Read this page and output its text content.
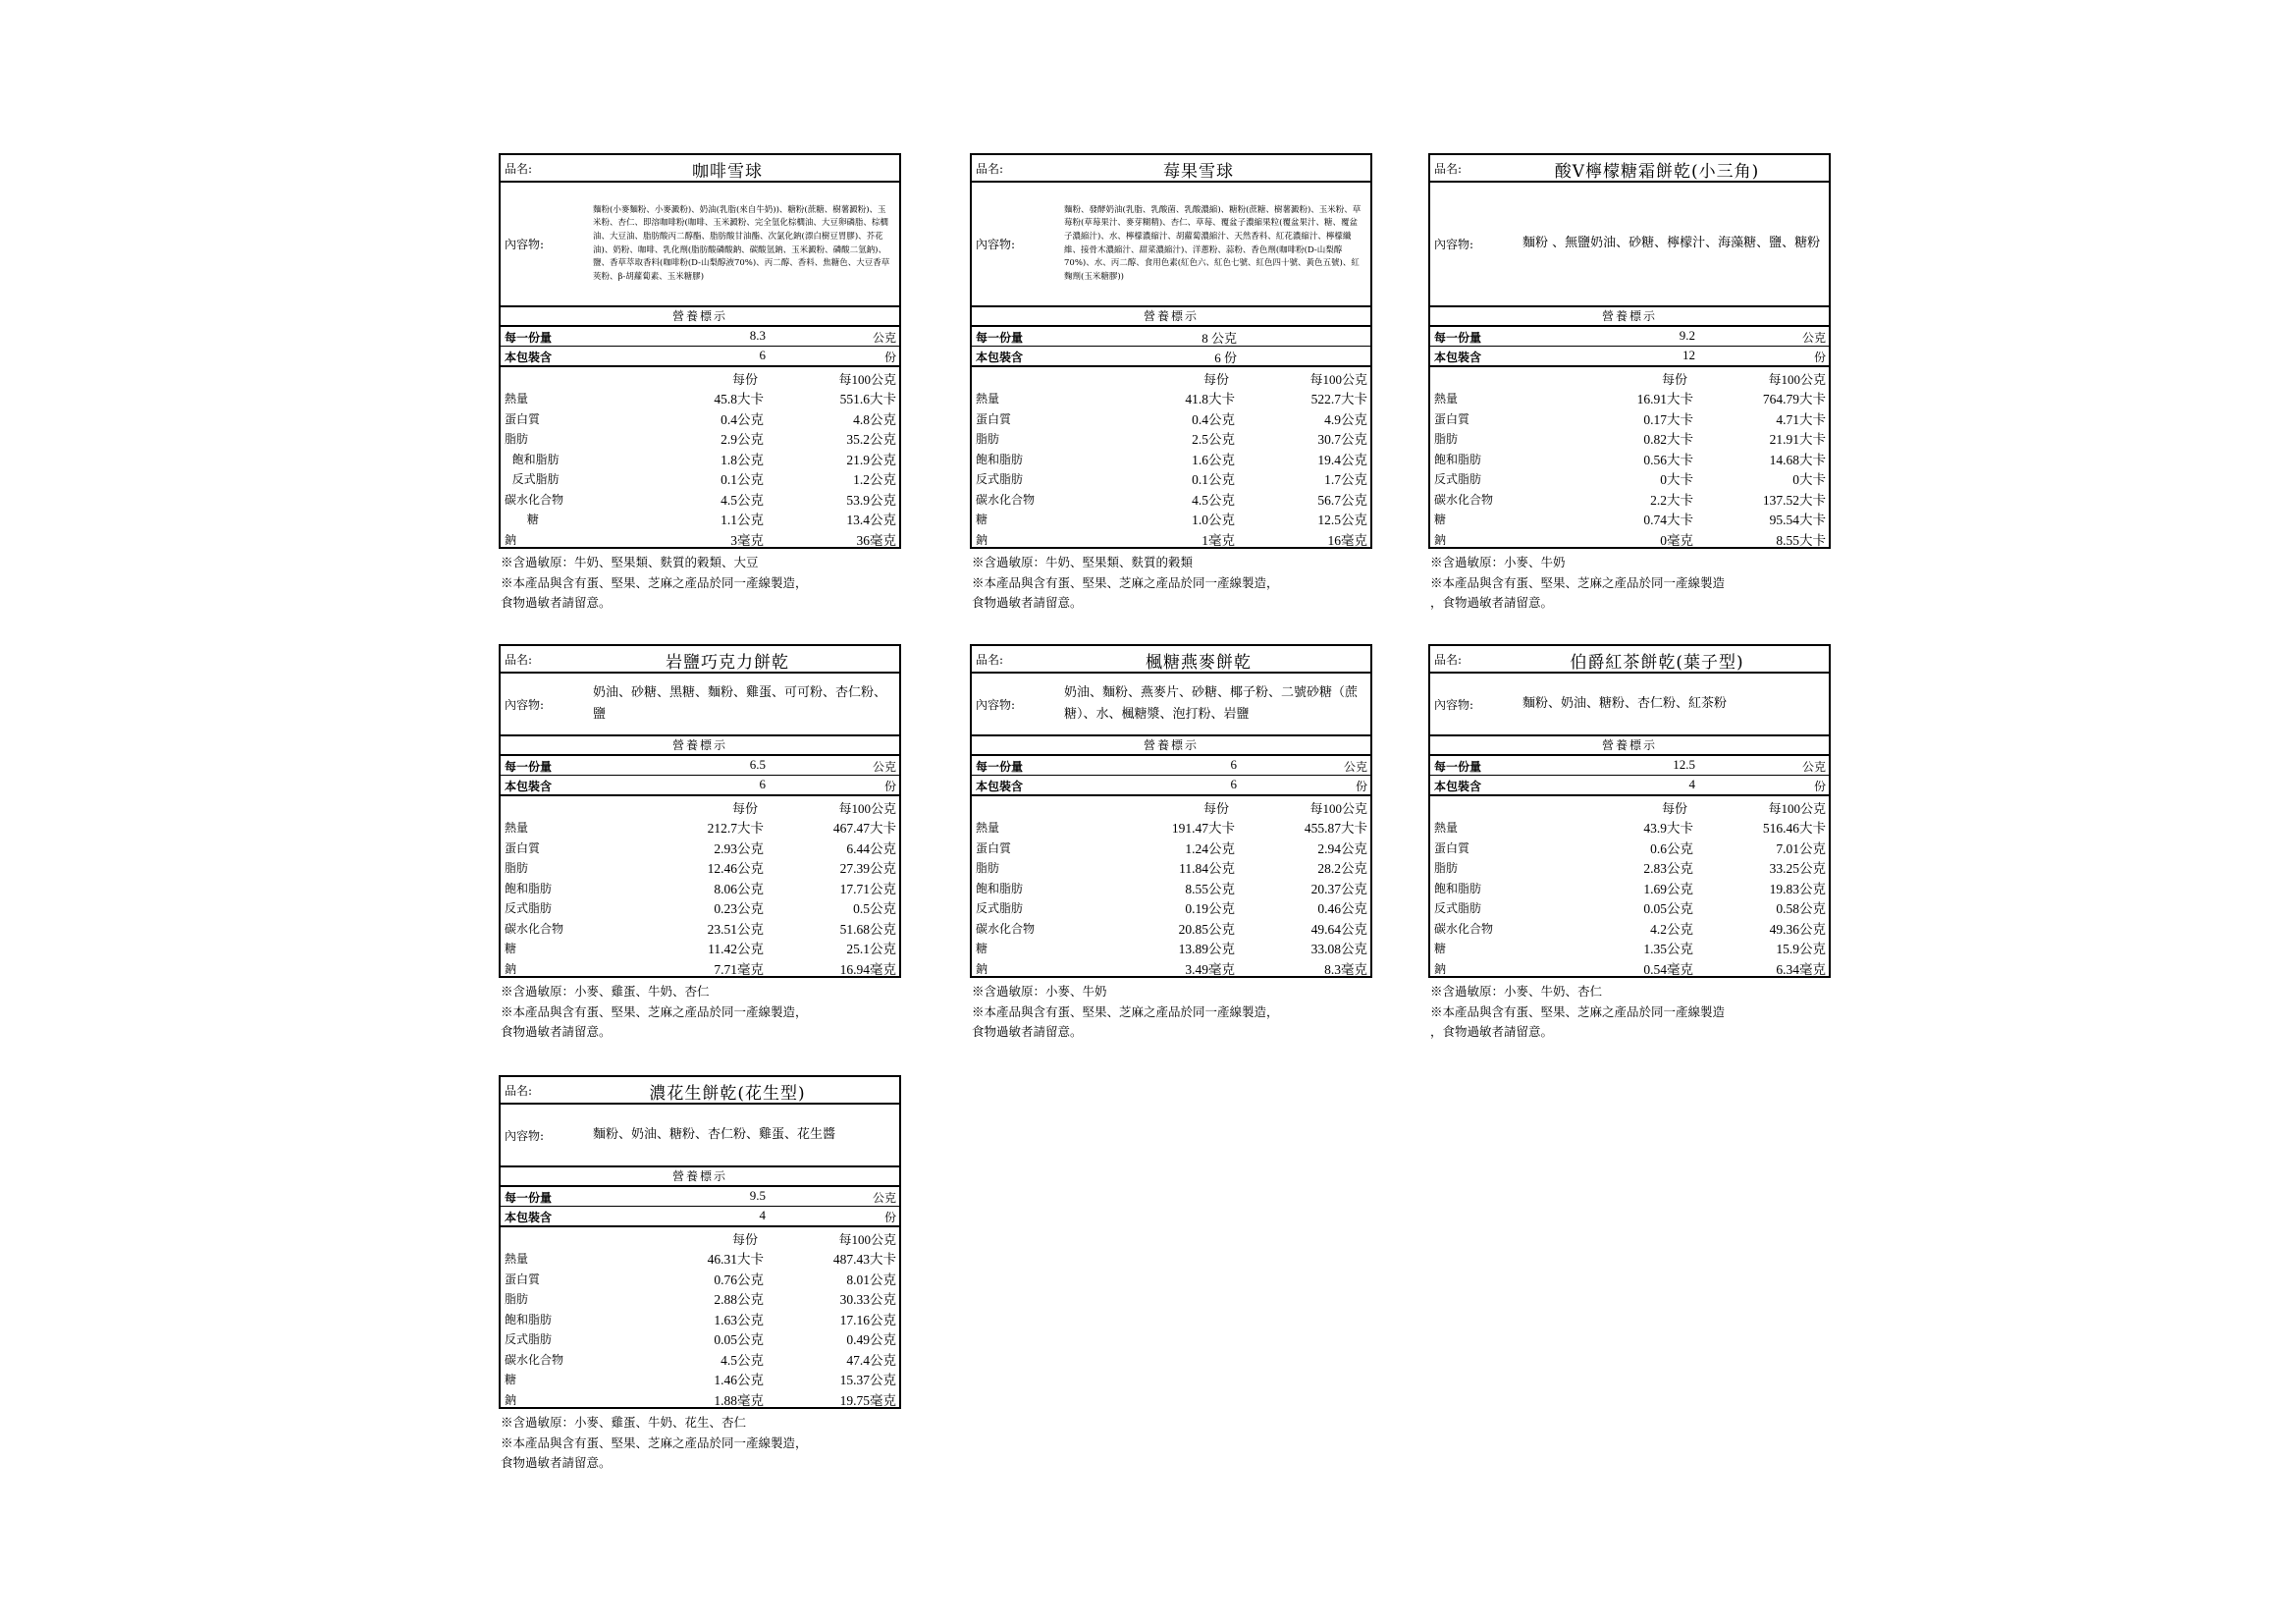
品名:	咖啡雪球
內容物:
麵粉(小麥麵粉、小麥澱粉)、奶油(乳脂(來自牛奶))、糖粉(蔗糖、樹薯澱粉)、玉米粉、杏仁、即溶咖啡粉(咖啡、玉米澱粉、完全氫化棕櫚油、大豆卵磷脂、棕櫚油、大豆油、脂肪酸丙二醇酯、脂肪酸甘油酯、次氯化鈉(漂白樹豆胃膠)、芥花油)、奶粉、咖啡、乳化劑(脂肪酸磷酸鈉、碳酸氫鈉、玉米澱粉、磷酸二氫鈉)、鹽、香草萃取香料(咖啡粉(D-山梨醇液70%)、丙二醇、香料、焦糖色、大豆香草莢粉、β-胡蘿蔔素、玉米糖膠)
營養標示
每一份量	8.3	公克
本包裝含	6	份
每份	每100公克
熱量	45.8大卡	551.6大卡
蛋白質	0.4公克	4.8公克
脂肪	2.9公克	35.2公克
飽和脂肪	1.8公克	21.9公克
反式脂肪	0.1公克	1.2公克
碳水化合物	4.5公克	53.9公克
糖	1.1公克	13.4公克
鈉	3毫克	36毫克
※含過敏原：牛奶、堅果類、麩質的穀類、大豆
※本產品與含有蛋、堅果、芝麻之產品於同一產線製造，
食物過敏者請留意。
品名:	莓果雪球
內容物:
麵粉、發酵奶油(乳脂、乳酸菌、乳酸濃縮)、糖粉(蔗糖、樹薯澱粉)、玉米粉、草莓粉(草莓果汁、麥芽糊精)、杏仁、草莓、覆盆子濃縮果粒(覆盆果汁、糖、覆盆子濃縮汁)、水、檸檬濃縮汁、胡蘿蔔濃縮汁、天然香料、紅花濃縮汁、檸檬纖維、接骨木濃縮汁、甜菜濃縮汁)、洋蔥粉、蒜粉、香色劑(咖啡粉(D-山梨醇70%)、水、丙二醇、食用色素(紅色六、紅色七號、紅色四十號、黃色五號)、紅麴劑(玉米糖膠))
營養標示
每一份量	8 公克
本包裝含	6 份
每份	每100公克
熱量	41.8大卡	522.7大卡
蛋白質	0.4公克	4.9公克
脂肪	2.5公克	30.7公克
飽和脂肪	1.6公克	19.4公克
反式脂肪	0.1公克	1.7公克
碳水化合物	4.5公克	56.7公克
糖	1.0公克	12.5公克
鈉	1毫克	16毫克
※含過敏原：牛奶、堅果類、麩質的穀類
※本產品與含有蛋、堅果、芝麻之產品於同一產線製造，
食物過敏者請留意。
品名:	酸V檸檬糖霜餅乾(小三角)
內容物:	麵粉 、無鹽奶油、砂糖、檸檬汁、海藻糖、鹽、糖粉
營養標示
每一份量	9.2	公克
本包裝含	12	份
每份	每100公克
熱量	16.91大卡	764.79大卡
蛋白質	0.17大卡	4.71大卡
脂肪	0.82大卡	21.91大卡
飽和脂肪	0.56大卡	14.68大卡
反式脂肪	0大卡	0大卡
碳水化合物	2.2大卡	137.52大卡
糖	0.74大卡	95.54大卡
鈉	0毫克	8.55大卡
※含過敏原：小麥、牛奶
※本產品與含有蛋、堅果、芝麻之產品於同一產線製造
，食物過敏者請留意。
品名:	岩鹽巧克力餅乾
內容物:
奶油、砂糖、黑糖、麵粉、雞蛋、可可粉、杏仁粉、鹽
營養標示
每一份量	6.5	公克
本包裝含	6	份
每份	每100公克
熱量	212.7大卡	467.47大卡
蛋白質	2.93公克	6.44公克
脂肪	12.46公克	27.39公克
飽和脂肪	8.06公克	17.71公克
反式脂肪	0.23公克	0.5公克
碳水化合物	23.51公克	51.68公克
糖	11.42公克	25.1公克
鈉	7.71毫克	16.94毫克
※含過敏原：小麥、雞蛋、牛奶、杏仁
※本產品與含有蛋、堅果、芝麻之產品於同一產線製造，
食物過敏者請留意。
品名:	楓糖燕麥餅乾
內容物:
奶油、麵粉、燕麥片、砂糖、椰子粉、二號砂糖（蔗糖）、水、楓糖漿、泡打粉、岩鹽
營養標示
每一份量	6	公克
本包裝含	6	份
每份	每100公克
熱量	191.47大卡	455.87大卡
蛋白質	1.24公克	2.94公克
脂肪	11.84公克	28.2公克
飽和脂肪	8.55公克	20.37公克
反式脂肪	0.19公克	0.46公克
碳水化合物	20.85公克	49.64公克
糖	13.89公克	33.08公克
鈉	3.49毫克	8.3毫克
※含過敏原：小麥、牛奶
※本產品與含有蛋、堅果、芝麻之產品於同一產線製造，
食物過敏者請留意。
品名:	伯爵紅茶餅乾(葉子型)
內容物:	麵粉、奶油、糖粉、杏仁粉、紅茶粉
營養標示
每一份量	12.5	公克
本包裝含	4	份
每份	每100公克
熱量	43.9大卡	516.46大卡
蛋白質	0.6公克	7.01公克
脂肪	2.83公克	33.25公克
飽和脂肪	1.69公克	19.83公克
反式脂肪	0.05公克	0.58公克
碳水化合物	4.2公克	49.36公克
糖	1.35公克	15.9公克
鈉	0.54毫克	6.34毫克
※含過敏原：小麥、牛奶、杏仁
※本產品與含有蛋、堅果、芝麻之產品於同一產線製造
，食物過敏者請留意。
品名:	濃花生餅乾(花生型)
內容物:	麵粉、奶油、糖粉、杏仁粉、雞蛋、花生醬
營養標示
每一份量	9.5	公克
本包裝含	4	份
每份	每100公克
熱量	46.31大卡	487.43大卡
蛋白質	0.76公克	8.01公克
脂肪	2.88公克	30.33公克
飽和脂肪	1.63公克	17.16公克
反式脂肪	0.05公克	0.49公克
碳水化合物	4.5公克	47.4公克
糖	1.46公克	15.37公克
鈉	1.88毫克	19.75毫克
※含過敏原：小麥、雞蛋、牛奶、花生、杏仁
※本產品與含有蛋、堅果、芝麻之產品於同一產線製造，
食物過敏者請留意。
